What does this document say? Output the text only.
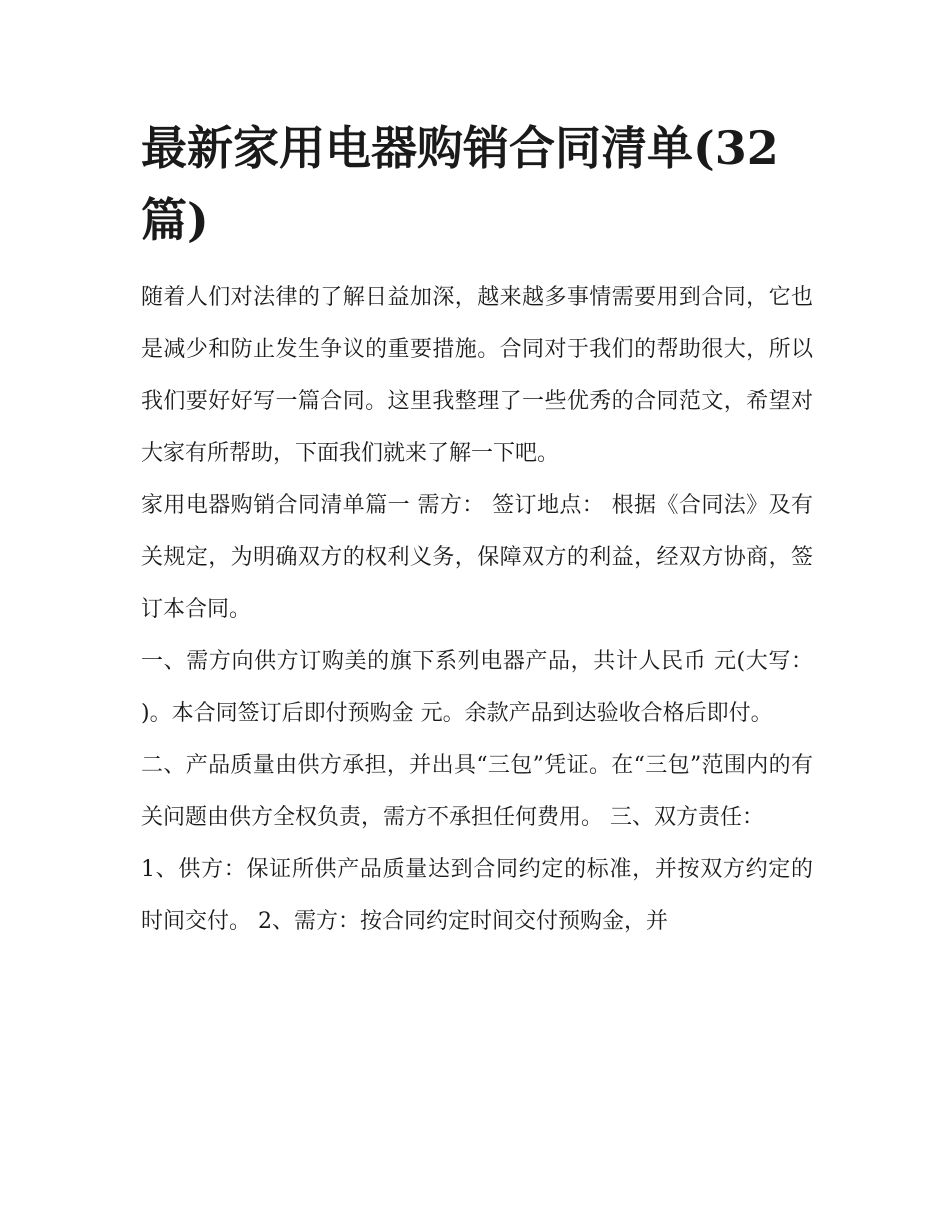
最新家用电器购销合同清单(32篇)

随着人们对法律的了解日益加深，越来越多事情需要用到合同，它也是减少和防止发生争议的重要措施。合同对于我们的帮助很大，所以我们要好好写一篇合同。这里我整理了一些优秀的合同范文，希望对大家有所帮助，下面我们就来了解一下吧。

家用电器购销合同清单篇一 需方： 签订地点： 根据《合同法》及有关规定，为明确双方的权利义务，保障双方的利益，经双方协商，签订本合同。

一、需方向供方订购美的旗下系列电器产品，共计人民币 元(大写： )。本合同签订后即付预购金 元。余款产品到达验收合格后即付。

二、产品质量由供方承担，并出具“三包”凭证。在“三包”范围内的有关问题由供方全权负责，需方不承担任何费用。 三、双方责任：

1、供方：保证所供产品质量达到合同约定的标准，并按双方约定的时间交付。 2、需方：按合同约定时间交付预购金，并
